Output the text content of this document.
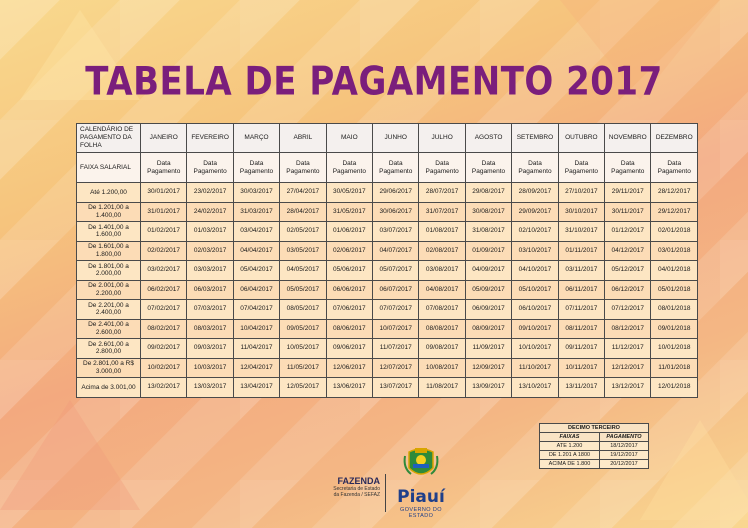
TABELA DE PAGAMENTO 2017
CALENDÁRIO DE PAGAMENTO DA FOLHA	JANEIRO	FEVEREIRO	MARÇO	ABRIL	MAIO	JUNHO	JULHO	AGOSTO	SETEMBRO	OUTUBRO	NOVEMBRO	DEZEMBRO
FAIXA SALARIAL	Data Pagamento	Data Pagamento	Data Pagamento	Data Pagamento	Data Pagamento	Data Pagamento	Data Pagamento	Data Pagamento	Data Pagamento	Data Pagamento	Data Pagamento	Data Pagamento
Até 1.200,00	30/01/2017	23/02/2017	30/03/2017	27/04/2017	30/05/2017	29/06/2017	28/07/2017	29/08/2017	28/09/2017	27/10/2017	29/11/2017	28/12/2017
De 1.201,00 a 1.400,00	31/01/2017	24/02/2017	31/03/2017	28/04/2017	31/05/2017	30/06/2017	31/07/2017	30/08/2017	29/09/2017	30/10/2017	30/11/2017	29/12/2017
De 1.401,00 a 1.600,00	01/02/2017	01/03/2017	03/04/2017	02/05/2017	01/06/2017	03/07/2017	01/08/2017	31/08/2017	02/10/2017	31/10/2017	01/12/2017	02/01/2018
De 1.601,00 a 1.800,00	02/02/2017	02/03/2017	04/04/2017	03/05/2017	02/06/2017	04/07/2017	02/08/2017	01/09/2017	03/10/2017	01/11/2017	04/12/2017	03/01/2018
De 1.801,00 a 2.000,00	03/02/2017	03/03/2017	05/04/2017	04/05/2017	05/06/2017	05/07/2017	03/08/2017	04/09/2017	04/10/2017	03/11/2017	05/12/2017	04/01/2018
De 2.001,00 a 2.200,00	06/02/2017	06/03/2017	06/04/2017	05/05/2017	06/06/2017	06/07/2017	04/08/2017	05/09/2017	05/10/2017	06/11/2017	06/12/2017	05/01/2018
De 2.201,00 a 2.400,00	07/02/2017	07/03/2017	07/04/2017	08/05/2017	07/06/2017	07/07/2017	07/08/2017	06/09/2017	06/10/2017	07/11/2017	07/12/2017	08/01/2018
De 2.401,00 a 2.600,00	08/02/2017	08/03/2017	10/04/2017	09/05/2017	08/06/2017	10/07/2017	08/08/2017	08/09/2017	09/10/2017	08/11/2017	08/12/2017	09/01/2018
De 2.601,00 a 2.800,00	09/02/2017	09/03/2017	11/04/2017	10/05/2017	09/06/2017	11/07/2017	09/08/2017	11/09/2017	10/10/2017	09/11/2017	11/12/2017	10/01/2018
De 2.801,00 a R$ 3.000,00	10/02/2017	10/03/2017	12/04/2017	11/05/2017	12/06/2017	12/07/2017	10/08/2017	12/09/2017	11/10/2017	10/11/2017	12/12/2017	11/01/2018
Acima de 3.001,00	13/02/2017	13/03/2017	13/04/2017	12/05/2017	13/06/2017	13/07/2017	11/08/2017	13/09/2017	13/10/2017	13/11/2017	13/12/2017	12/01/2018
DECIMO TERCEIRO	
FAIXAS	PAGAMENTO
ATE 1.200	18/12/2017
DE 1.201 A 1800	19/12/2017
ACIMA DE 1.800	20/12/2017
FAZENDA
Secretaria de Estado
da Fazenda / SEFAZ	Piauí
GOVERNO DO ESTADO
